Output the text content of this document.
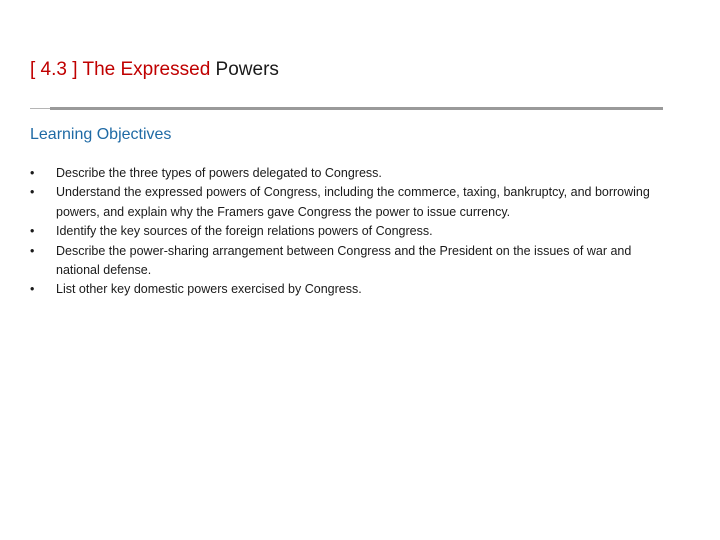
[ 4.3 ] The Expressed Powers
Learning Objectives
•	Describe the three types of powers delegated to Congress.
•	Understand the expressed powers of Congress, including the commerce, taxing, bankruptcy, and borrowing powers, and explain why the Framers gave Congress the power to issue currency.
•	Identify the key sources of the foreign relations powers of Congress.
•	Describe the power-sharing arrangement between Congress and the President on the issues of war and national defense.
•	List other key domestic powers exercised by Congress.
